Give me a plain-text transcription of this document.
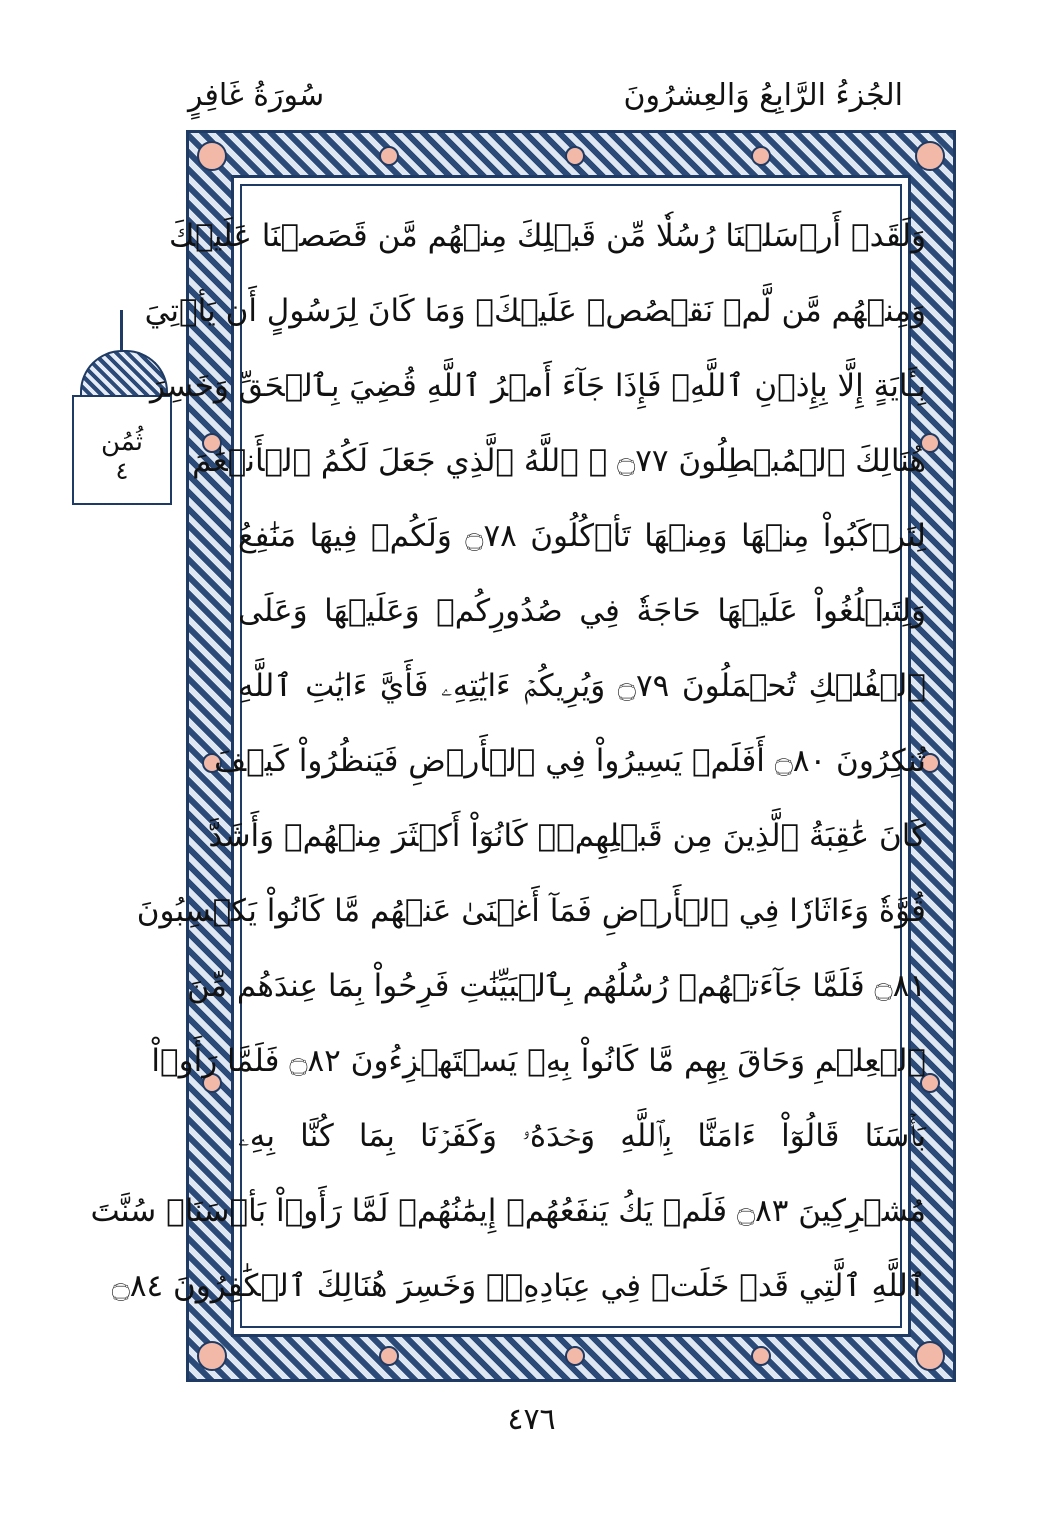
الجُزءُ الرَّابِعُ وَالعِشرُونَ
سُورَةُ غَافِرٍ
ثُمُن
٤
وَلَقَدۡ أَرۡسَلۡنَا رُسُلٗا مِّن قَبۡلِكَ مِنۡهُم مَّن قَصَصۡنَا عَلَيۡكَ
وَمِنۡهُم مَّن لَّمۡ نَقۡصُصۡ عَلَيۡكَۗ وَمَا كَانَ لِرَسُولٍ أَن يَأۡتِيَ
بِـَٔايَةٍ إِلَّا بِإِذۡنِ ٱللَّهِۚ فَإِذَا جَآءَ أَمۡرُ ٱللَّهِ قُضِيَ بِٱلۡحَقِّ وَخَسِرَ
هُنَالِكَ ٱلۡمُبۡطِلُونَ ۝٧٧ ۞ ٱللَّهُ ٱلَّذِي جَعَلَ لَكُمُ ٱلۡأَنۡعَٰمَ
لِتَرۡكَبُواْ مِنۡهَا وَمِنۡهَا تَأۡكُلُونَ ۝٧٨ وَلَكُمۡ فِيهَا مَنَٰفِعُ
وَلِتَبۡلُغُواْ عَلَيۡهَا حَاجَةٗ فِي صُدُورِكُمۡ وَعَلَيۡهَا وَعَلَى
ٱلۡفُلۡكِ تُحۡمَلُونَ ۝٧٩ وَيُرِيكُمۡ ءَايَٰتِهِۦ فَأَيَّ ءَايَٰتِ ٱللَّهِ
تُنكِرُونَ ۝٨٠ أَفَلَمۡ يَسِيرُواْ فِي ٱلۡأَرۡضِ فَيَنظُرُواْ كَيۡفَ
كَانَ عَٰقِبَةُ ٱلَّذِينَ مِن قَبۡلِهِمۡۚ كَانُوٓاْ أَكۡثَرَ مِنۡهُمۡ وَأَشَدَّ
قُوَّةٗ وَءَاثَارٗا فِي ٱلۡأَرۡضِ فَمَآ أَغۡنَىٰ عَنۡهُم مَّا كَانُواْ يَكۡسِبُونَ
۝٨١ فَلَمَّا جَآءَتۡهُمۡ رُسُلُهُم بِٱلۡبَيِّنَٰتِ فَرِحُواْ بِمَا عِندَهُم مِّنَ
ٱلۡعِلۡمِ وَحَاقَ بِهِم مَّا كَانُواْ بِهِۦ يَسۡتَهۡزِءُونَ ۝٨٢ فَلَمَّا رَأَوۡاْ
بَأۡسَنَا قَالُوٓاْ ءَامَنَّا بِٱللَّهِ وَحۡدَهُۥ وَكَفَرۡنَا بِمَا كُنَّا بِهِۦ
مُشۡرِكِينَ ۝٨٣ فَلَمۡ يَكُ يَنفَعُهُمۡ إِيمَٰنُهُمۡ لَمَّا رَأَوۡاْ بَأۡسَنَاۖ سُنَّتَ
ٱللَّهِ ٱلَّتِي قَدۡ خَلَتۡ فِي عِبَادِهِۦۖ وَخَسِرَ هُنَالِكَ ٱلۡكَٰفِرُونَ ۝٨٤
٤٧٦
